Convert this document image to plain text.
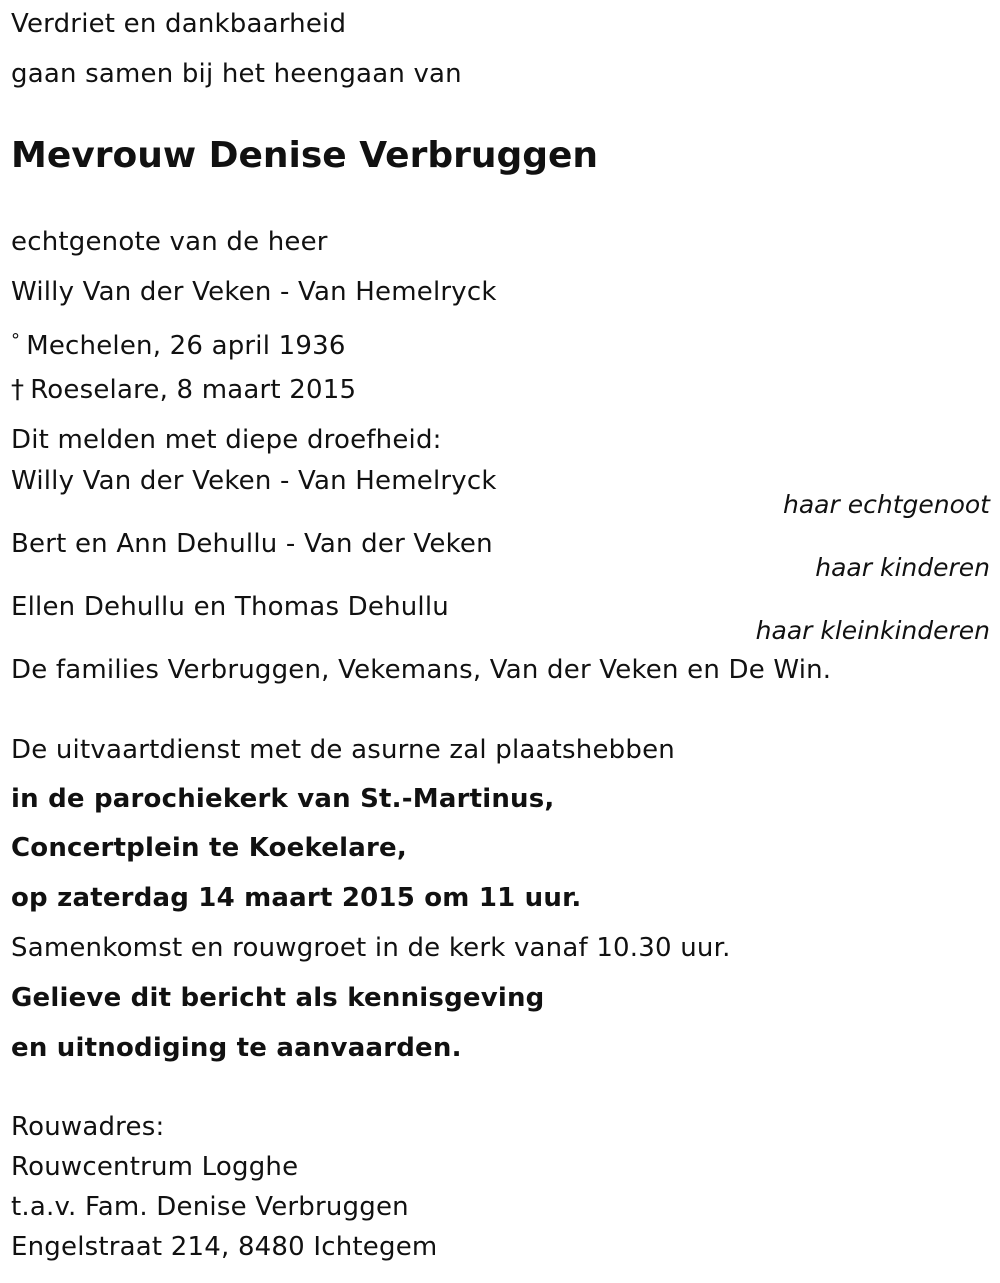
Verdriet en dankbaarheid
gaan samen bij het heengaan van
Mevrouw Denise Verbruggen
echtgenote van de heer
Willy Van der Veken - Van Hemelryck
° Mechelen, 26 april 1936
† Roeselare, 8 maart 2015
Dit melden met diepe droefheid:
Willy Van der Veken - Van Hemelryck
haar echtgenoot
Bert en Ann Dehullu - Van der Veken
haar kinderen
Ellen Dehullu en Thomas Dehullu
haar kleinkinderen
De families Verbruggen, Vekemans, Van der Veken en De Win.
De uitvaartdienst met de asurne zal plaatshebben
in de parochiekerk van St.-Martinus,
Concertplein te Koekelare,
op zaterdag 14 maart 2015 om 11 uur.
Samenkomst en rouwgroet in de kerk vanaf 10.30 uur.
Gelieve dit bericht als kennisgeving
en uitnodiging te aanvaarden.
Rouwadres:
Rouwcentrum Logghe
t.a.v. Fam. Denise Verbruggen
Engelstraat 214, 8480 Ichtegem
